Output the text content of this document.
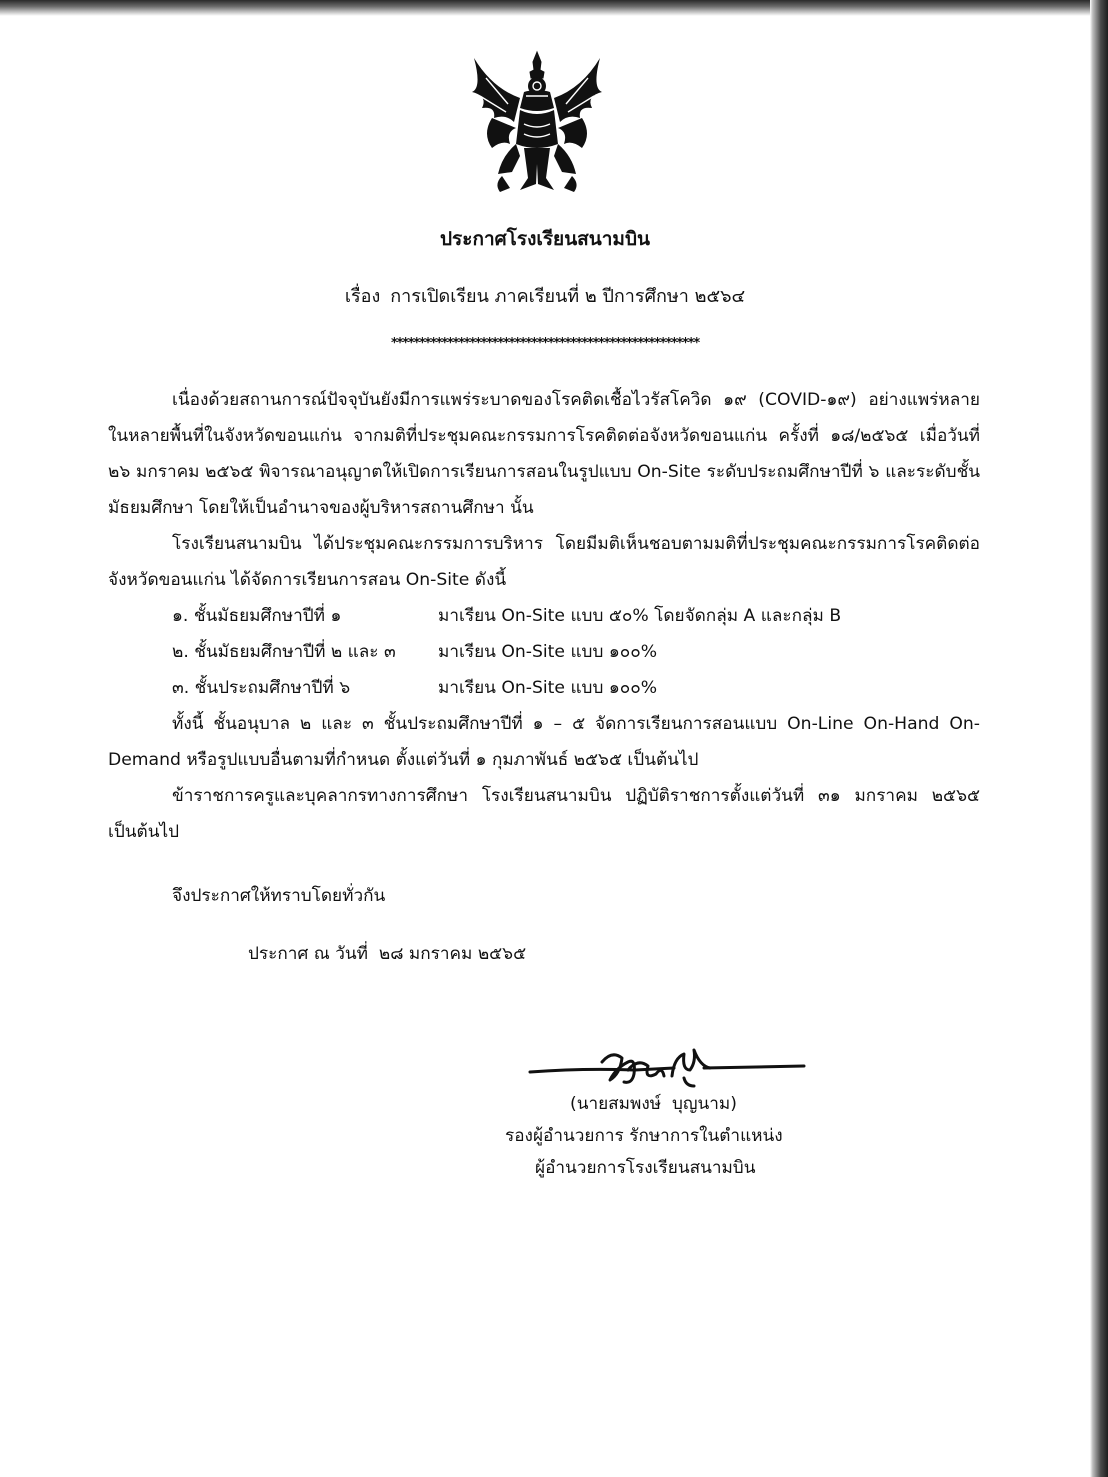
ประกาศโรงเรียนสนามบิน
เรื่อง การเปิดเรียน ภาคเรียนที่ ๒ ปีการศึกษา ๒๕๖๔
*******************************************************

เนื่องด้วยสถานการณ์ปัจจุบันยังมีการแพร่ระบาดของโรคติดเชื้อไวรัสโควิด ๑๙ (COVID-๑๙) อย่างแพร่หลายในหลายพื้นที่ในจังหวัดขอนแก่น จากมติที่ประชุมคณะกรรมการโรคติดต่อจังหวัดขอนแก่น ครั้งที่ ๑๘/๒๕๖๕ เมื่อวันที่ ๒๖ มกราคม ๒๕๖๕ พิจารณาอนุญาตให้เปิดการเรียนการสอนในรูปแบบ On-Site ระดับประถมศึกษาปีที่ ๖ และระดับชั้นมัธยมศึกษา โดยให้เป็นอำนาจของผู้บริหารสถานศึกษา นั้น

โรงเรียนสนามบิน ได้ประชุมคณะกรรมการบริหาร โดยมีมติเห็นชอบตามมติที่ประชุมคณะกรรมการโรคติดต่อจังหวัดขอนแก่น ได้จัดการเรียนการสอน On-Site ดังนี้

๑. ชั้นมัธยมศึกษาปีที่ ๑	มาเรียน On-Site แบบ ๕๐% โดยจัดกลุ่ม A และกลุ่ม B
๒. ชั้นมัธยมศึกษาปีที่ ๒ และ ๓ มาเรียน On-Site แบบ ๑๐๐%
๓. ชั้นประถมศึกษาปีที่ ๖	มาเรียน On-Site แบบ ๑๐๐%

ทั้งนี้ ชั้นอนุบาล ๒ และ ๓ ชั้นประถมศึกษาปีที่ ๑ – ๕ จัดการเรียนการสอนแบบ On-Line On-Hand On-Demand หรือรูปแบบอื่นตามที่กำหนด ตั้งแต่วันที่ ๑ กุมภาพันธ์ ๒๕๖๕ เป็นต้นไป

ข้าราชการครูและบุคลากรทางการศึกษา โรงเรียนสนามบิน ปฏิบัติราชการตั้งแต่วันที่ ๓๑ มกราคม ๒๕๖๕ เป็นต้นไป

จึงประกาศให้ทราบโดยทั่วกัน
ประกาศ ณ วันที่  ๒๘ มกราคม ๒๕๖๕
(นายสมพงษ์  บุญนาม)
รองผู้อำนวยการ รักษาการในตำแหน่ง
ผู้อำนวยการโรงเรียนสนามบิน
